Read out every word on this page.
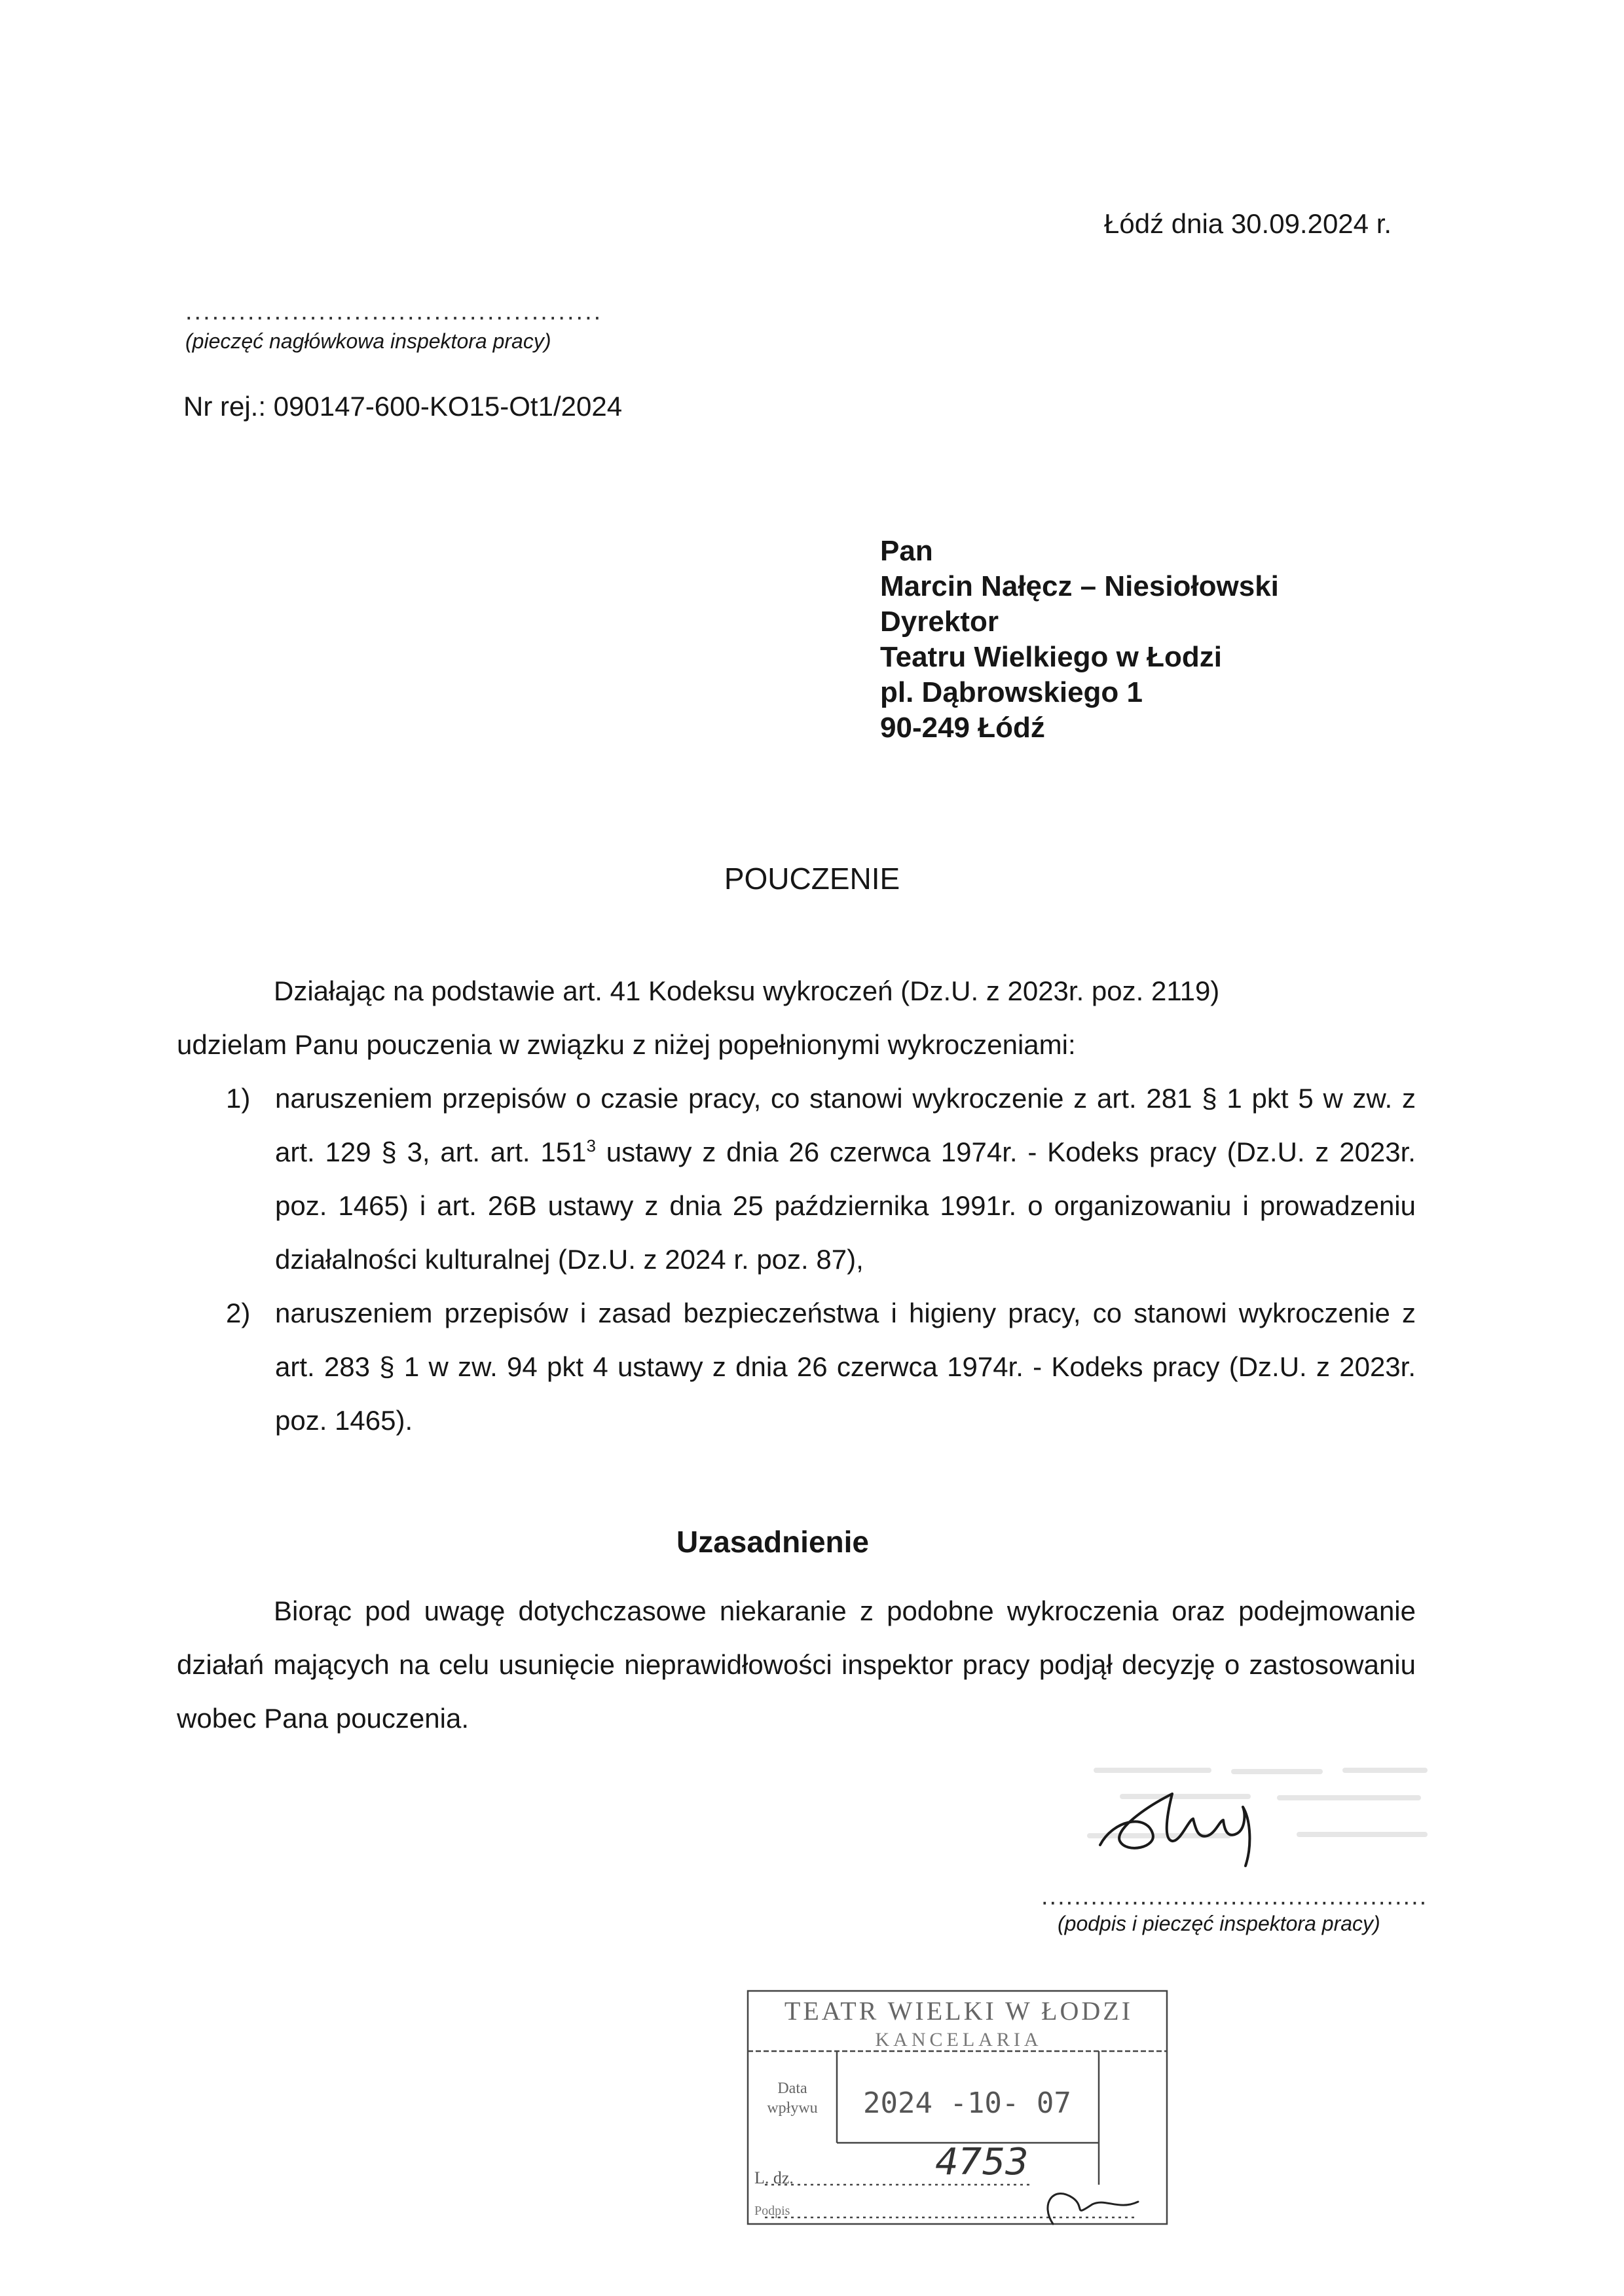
Łódź dnia 30.09.2024 r.
...............................................
(pieczęć nagłówkowa inspektora pracy)
Nr rej.: 090147-600-KO15-Ot1/2024
Pan
Marcin Nałęcz – Niesiołowski
Dyrektor
Teatru Wielkiego w Łodzi
pl. Dąbrowskiego 1
90-249 Łódź
POUCZENIE
Działając na podstawie art. 41 Kodeksu wykroczeń (Dz.U. z 2023r. poz. 2119)
udzielam Panu pouczenia w związku z niżej popełnionymi wykroczeniami:
1) naruszeniem przepisów o czasie pracy, co stanowi wykroczenie z art. 281 § 1 pkt 5 w zw. z art. 129 § 3, art. art. $151^3$ ustawy z dnia 26 czerwca 1974r. - Kodeks pracy (Dz.U. z 2023r. poz. 1465) i art. 26B ustawy z dnia 25 października 1991r. o organizowaniu i prowadzeniu działalności kulturalnej (Dz.U. z 2024 r. poz. 87),
2) naruszeniem przepisów i zasad bezpieczeństwa i higieny pracy, co stanowi wykroczenie z art. 283 § 1 w zw. 94 pkt 4 ustawy z dnia 26 czerwca 1974r. - Kodeks pracy (Dz.U. z 2023r. poz. 1465).
Uzasadnienie
Biorąc pod uwagę dotychczasowe niekaranie z podobne wykroczenia oraz podejmowanie działań mających na celu usunięcie nieprawidłowości inspektor pracy podjął decyzję o zastosowaniu wobec Pana pouczenia.
...............................................
(podpis i pieczęć inspektora pracy)
TEATR WIELKI W ŁODZI
KANCELARIA
Data
wpływu 2024 -10- 07
L. dz.	4753
Podpis
